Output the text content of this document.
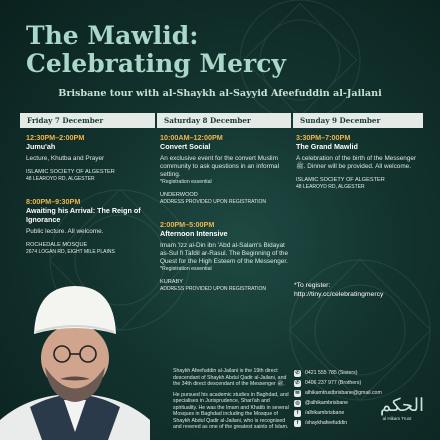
The Mawlid:
Celebrating Mercy
Brisbane tour with al-Shaykh al-Sayyid Afeefuddin al-Jailani
Friday 7 December	Saturday 8 December	Sunday 9 December
12:30PM–2:00PM
Jumu'ah
Lecture, Khutba and Prayer
ISLAMIC SOCIETY OF ALGESTER
48 LEAROYD RD, ALGESTER
8:00PM–9:30PM
Awaiting his Arrival: The Reign of Ignorance
Public lecture. All welcome.
ROCHEDALE MOSQUE
2674 LOGAN RD, EIGHT MILE PLAINS
10:00AM–12:00PM
Convert Social
An exclusive event for the convert Muslim community to ask questions in an informal setting.
*Registration essential
UNDERWOOD
ADDRESS PROVIDED UPON REGISTRATION
2:00PM–5:00PM
Afternoon Intensive
Imam 'Izz al-Din ibn 'Abd al-Salam's Bidayat as-Sul fi Tafdil ar-Rasul. The Beginning of the Quest for the High Esteem of the Messenger.
*Registration essential
KURABY
ADDRESS PROVIDED UPON REGISTRATION
3:30PM–7:00PM
The Grand Mawlid
A celebration of the birth of the Messenger ﷺ. Dinner will be provided. All welcome.
ISLAMIC SOCIETY OF ALGESTER
48 LEAROYD RD, ALGESTER
*To register:
http://tiny.cc/celebratingmercy

Shaykh Afeefuddin al-Jailani is the 19th direct descendant of Shaykh Abdul Qadir al-Jailani, and the 34th direct descendant of the Messenger ﷺ.

He pursued his academic studies in Baghdad, and specialises in Jurisprudence, Shari'ah and spirituality. He was the Imam and Khatib in several Mosques in Baghdad including the Mosque of Shaykh Abdul Qadir al-Jailani, who is recognised and revered as one of the greatest saints of Islam.

✆ 0421 555 785 (Sisters)
✆ 0406 237 977 (Brothers)
✉ alhikamtrustbrisbane@gmail.com
◎ @alhikambrisbane
f	/alhikambrisbane
f	/shaykhafeefuddin
الحكم
al Hikam Trust
